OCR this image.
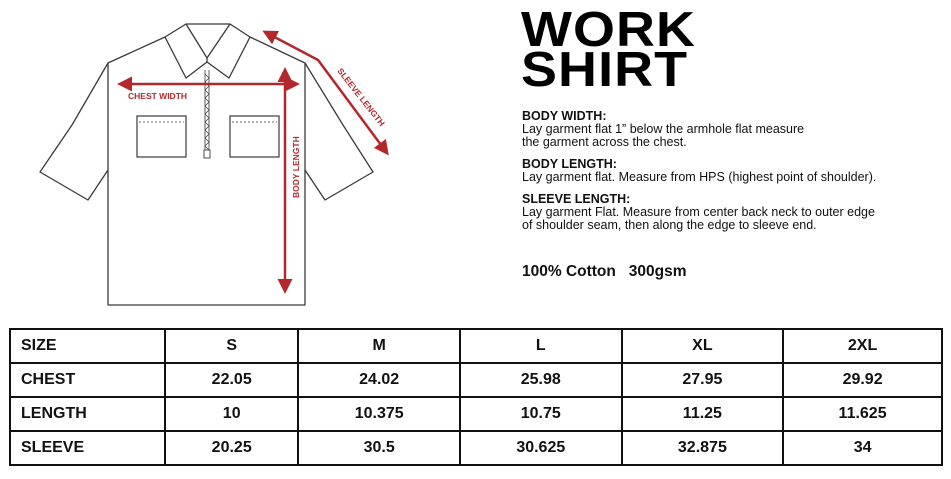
CHEST WIDTH
BODY LENGTH
SLEEVE LENGTH
WORK
SHIRT
BODY WIDTH:
Lay garment flat 1” below the armhole flat measure
the garment across the chest.
BODY LENGTH:
Lay garment flat. Measure from HPS (highest point of shoulder).
SLEEVE LENGTH:
Lay garment Flat. Measure from center back neck to outer edge
of shoulder seam, then along the edge to sleeve end.
100% Cotton   300gsm
SIZE	S	M	L	XL	2XL
CHEST	22.05	24.02	25.98	27.95	29.92
LENGTH	10	10.375	10.75	11.25	11.625
SLEEVE	20.25	30.5	30.625	32.875	34
